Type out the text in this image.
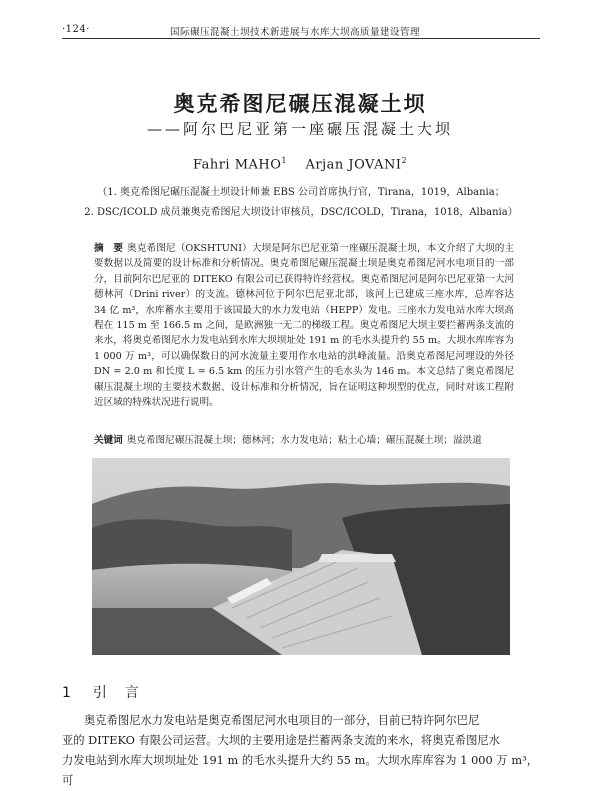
·124·	国际碾压混凝土坝技术新进展与水库大坝高质量建设管理
奥克希图尼碾压混凝土坝
——阿尔巴尼亚第一座碾压混凝土大坝
Fahri MAHO$^1$ Arjan JOVANI$^2$
（1. 奥克希图尼碾压混凝土坝设计师兼 EBS 公司首席执行官，Tirana，1019，Albania；
2. DSC/ICOLD 成员兼奥克希图尼大坝设计审核员，DSC/ICOLD，Tirana，1018，Albania）
摘　要 奥克希图尼（OKSHTUNI）大坝是阿尔巴尼亚第一座碾压混凝土坝，本文介绍了大坝的主要数据以及简要的设计标准和分析情况。奥克希图尼碾压混凝土坝是奥克希图尼河水电项目的一部分，目前阿尔巴尼亚的 DITEKO 有限公司已获得特许经营权。奥克希图尼河是阿尔巴尼亚第一大河德林河（Drini river）的支流。德林河位于阿尔巴尼亚北部，该河上已建成三座水库，总库容达 34 亿 m³，水库蓄水主要用于该国最大的水力发电站（HEPP）发电。三座水力发电站水库大坝高程在 115 m 至 166.5 m 之间，是欧洲独一无二的梯级工程。奥克希图尼大坝主要拦蓄两条支流的来水，将奥克希图尼水力发电站到水库大坝坝址处 191 m 的毛水头提升约 55 m。大坝水库库容为 1 000 万 m³，可以确保数日的河水流量主要用作水电站的洪峰流量。沿奥克希图尼河埋设的外径 DN = 2.0 m 和长度 L = 6.5 km 的压力引水管产生的毛水头为 146 m。本文总结了奥克希图尼碾压混凝土坝的主要技术数据、设计标准和分析情况，旨在证明这种坝型的优点，同时对该工程附近区域的特殊状况进行说明。
关键词 奥克希图尼碾压混凝土坝；德林河；水力发电站；粘土心墙；碾压混凝土坝；溢洪道
1 引　言
奥克希图尼水力发电站是奥克希图尼河水电项目的一部分，目前已特许阿尔巴尼
亚的 DITEKO 有限公司运营。大坝的主要用途是拦蓄两条支流的来水，将奥克希图尼水
力发电站到水库大坝坝址处 191 m 的毛水头提升大约 55 m。大坝水库库容为 1 000 万 m³，可
